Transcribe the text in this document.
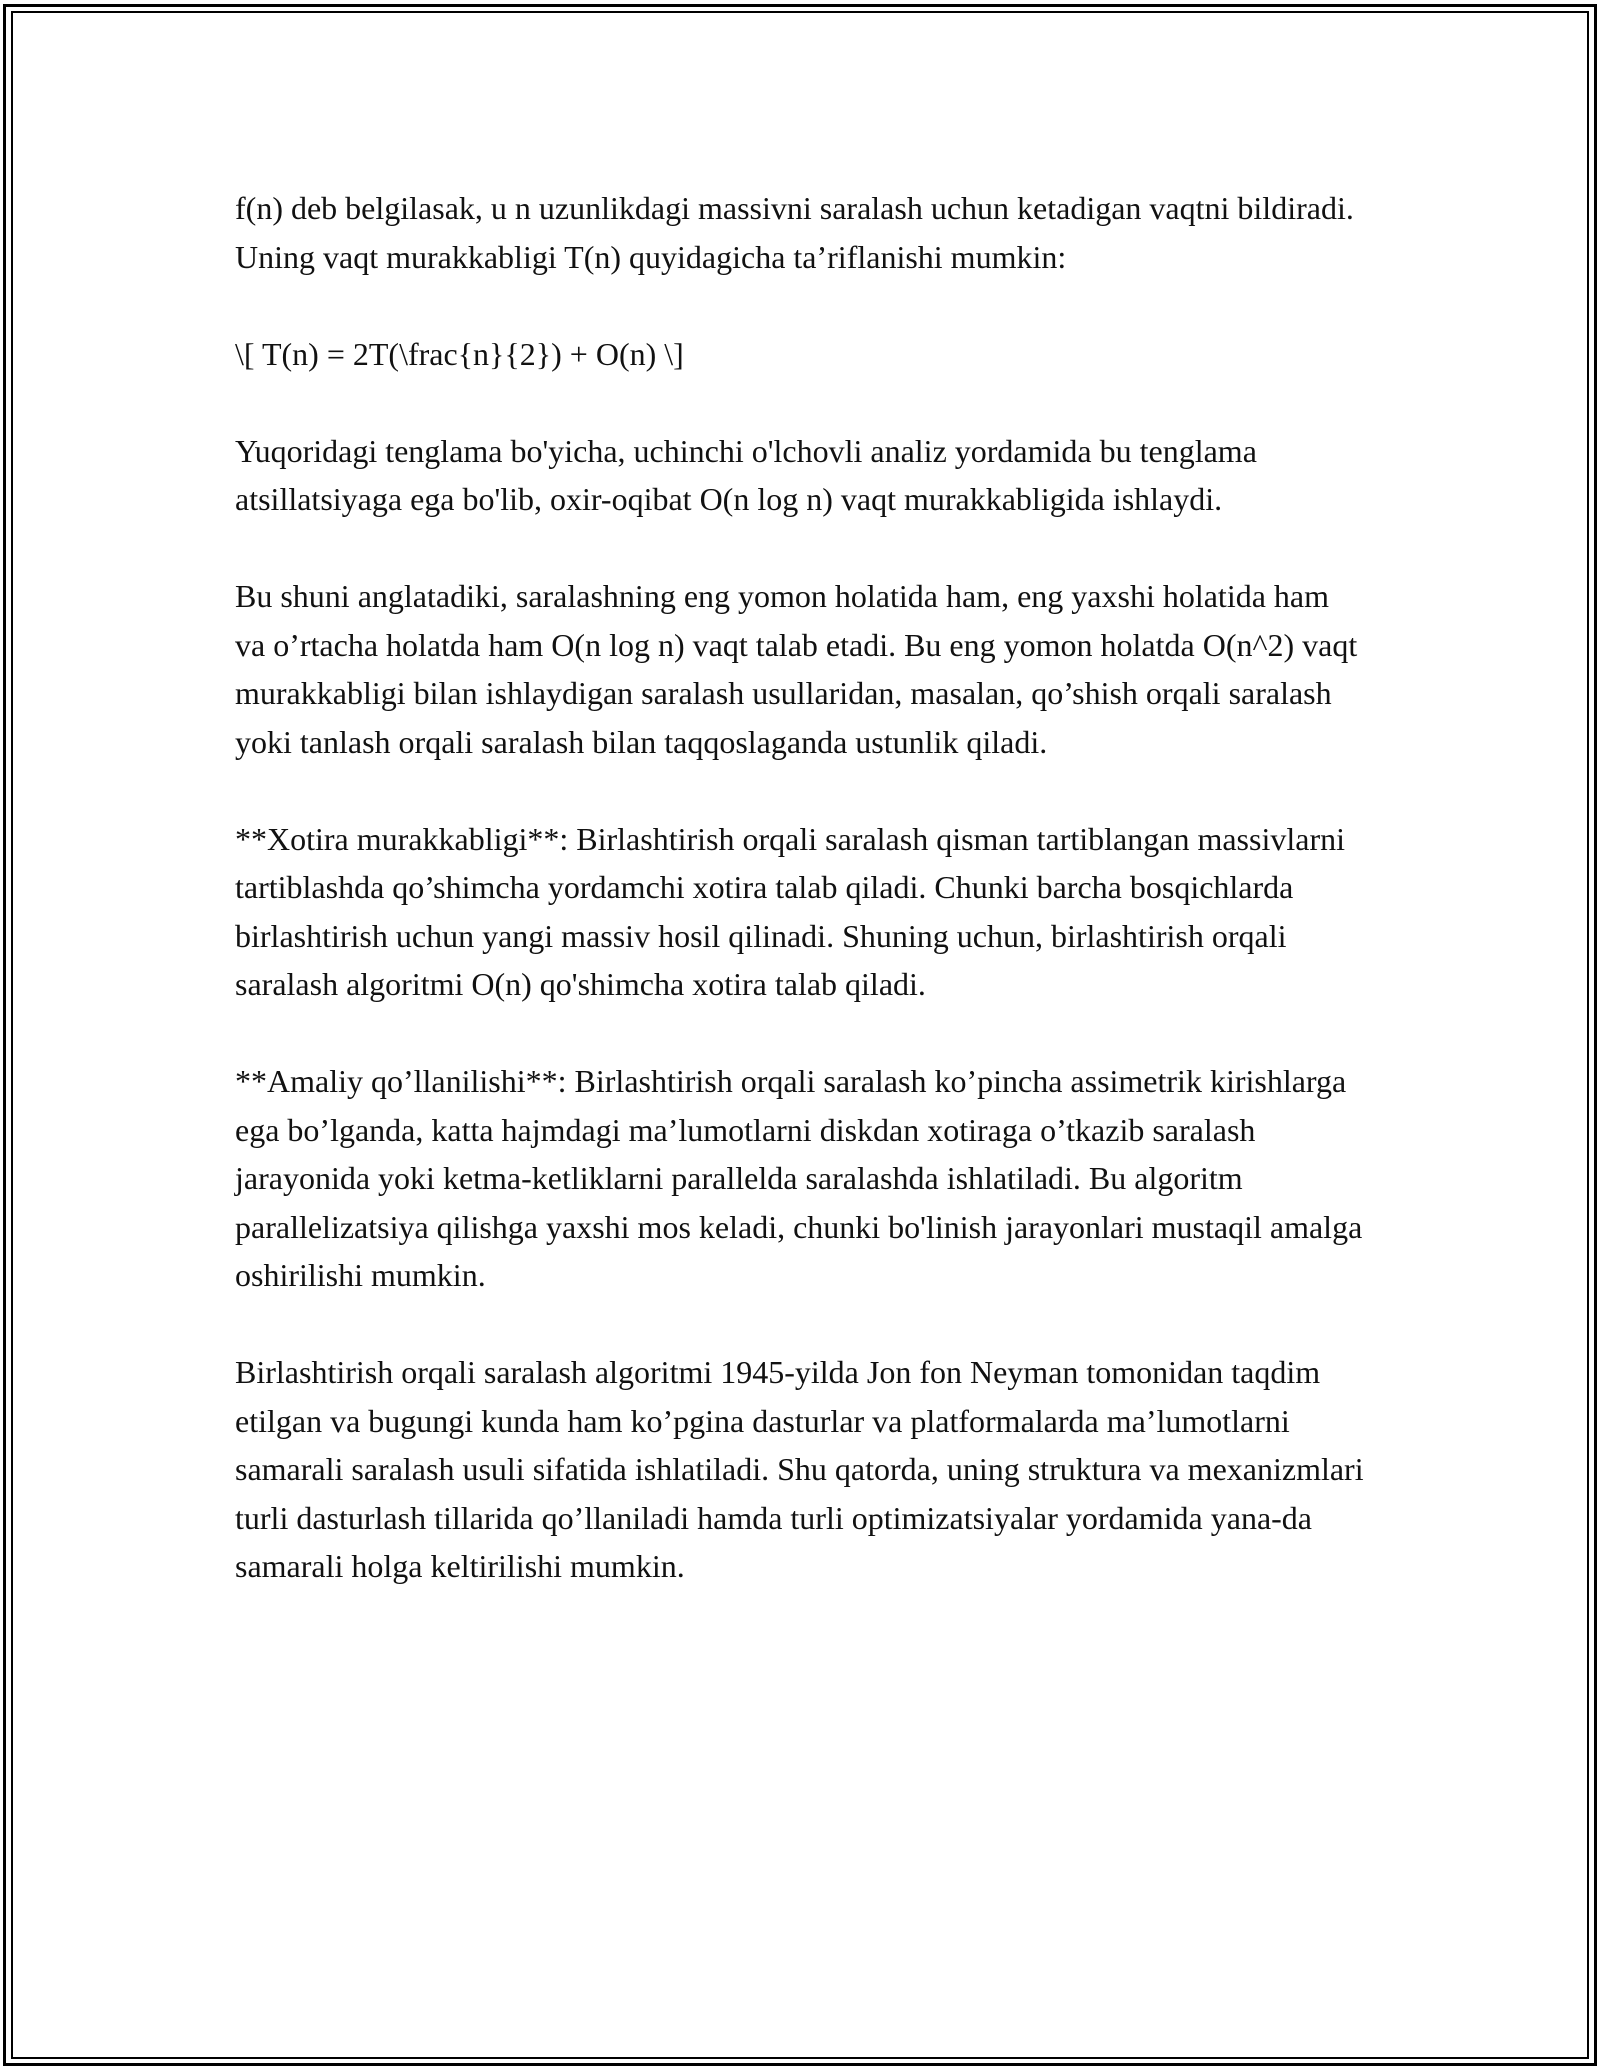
f(n) deb belgilasak, u n uzunlikdagi massivni saralash uchun ketadigan vaqtni bildiradi. Uning vaqt murakkabligi T(n) quyidagicha ta’riflanishi mumkin:

\[ T(n) = 2T(\frac{n}{2}) + O(n) \]

Yuqoridagi tenglama bo'yicha, uchinchi o'lchovli analiz yordamida bu tenglama atsillatsiyaga ega bo'lib, oxir-oqibat O(n log n) vaqt murakkabligida ishlaydi.

Bu shuni anglatadiki, saralashning eng yomon holatida ham, eng yaxshi holatida ham va o’rtacha holatda ham O(n log n) vaqt talab etadi. Bu eng yomon holatda O(n^2) vaqt murakkabligi bilan ishlaydigan saralash usullaridan, masalan, qo’shish orqali saralash yoki tanlash orqali saralash bilan taqqoslaganda ustunlik qiladi.

**Xotira murakkabligi**: Birlashtirish orqali saralash qisman tartiblangan massivlarni tartiblashda qo’shimcha yordamchi xotira talab qiladi. Chunki barcha bosqichlarda birlashtirish uchun yangi massiv hosil qilinadi. Shuning uchun, birlashtirish orqali saralash algoritmi O(n) qo'shimcha xotira talab qiladi.

**Amaliy qo’llanilishi**: Birlashtirish orqali saralash ko’pincha assimetrik kirishlarga ega bo’lganda, katta hajmdagi ma’lumotlarni diskdan xotiraga o’tkazib saralash jarayonida yoki ketma-ketliklarni parallelda saralashda ishlatiladi. Bu algoritm parallelizatsiya qilishga yaxshi mos keladi, chunki bo'linish jarayonlari mustaqil amalga oshirilishi mumkin.

Birlashtirish orqali saralash algoritmi 1945-yilda Jon fon Neyman tomonidan taqdim etilgan va bugungi kunda ham ko’pgina dasturlar va platformalarda ma’lumotlarni samarali saralash usuli sifatida ishlatiladi. Shu qatorda, uning struktura va mexanizmlari turli dasturlash tillarida qo’llaniladi hamda turli optimizatsiyalar yordamida yana-da samarali holga keltirilishi mumkin.
